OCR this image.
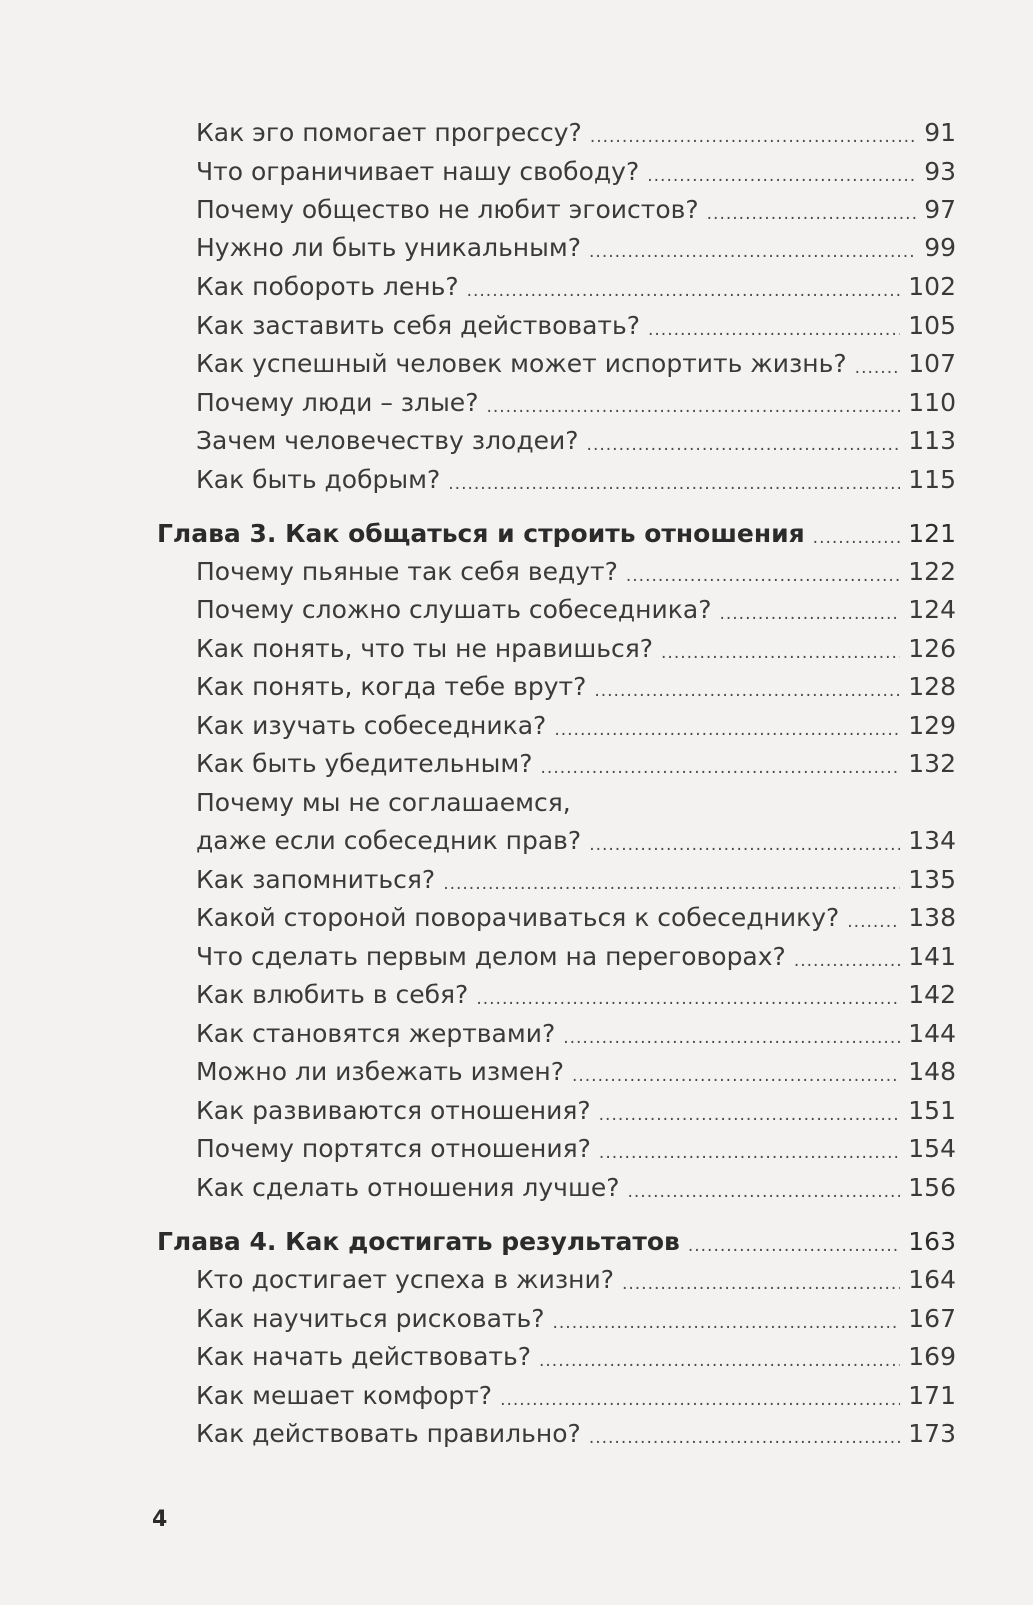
Как эго помогает прогрессу? .....	91
Что ограничивает нашу свободу? .....	93
Почему общество не любит эгоистов? .....	97
Нужно ли быть уникальным? .....	99
Как побороть лень? .....	102
Как заставить себя действовать? .....	105
Как успешный человек может испортить жизнь? ..... 107
Почему люди – злые? .....	110
Зачем человечеству злодеи? .....	113
Как быть добрым? .....	115
Глава 3. Как общаться и строить отношения .....	121
Почему пьяные так себя ведут? .....	122
Почему сложно слушать собеседника? .....	124
Как понять, что ты не нравишься? .....	126
Как понять, когда тебе врут? .....	128
Как изучать собеседника? .....	129
Как быть убедительным? .....	132
Почему мы не соглашаемся,
даже если собеседник прав? .....	134
Как запомниться? .....	135
Какой стороной поворачиваться к собеседнику? .....	138
Что сделать первым делом на переговорах? .....	141
Как влюбить в себя? .....	142
Как становятся жертвами? .....	144
Можно ли избежать измен? .....	148
Как развиваются отношения? .....	151
Почему портятся отношения? .....	154
Как сделать отношения лучше? .....	156
Глава 4. Как достигать результатов .....	163
Кто достигает успеха в жизни? .....	164
Как научиться рисковать? .....	167
Как начать действовать? .....	169
Как мешает комфорт? .....	171
Как действовать правильно? .....	173
4
